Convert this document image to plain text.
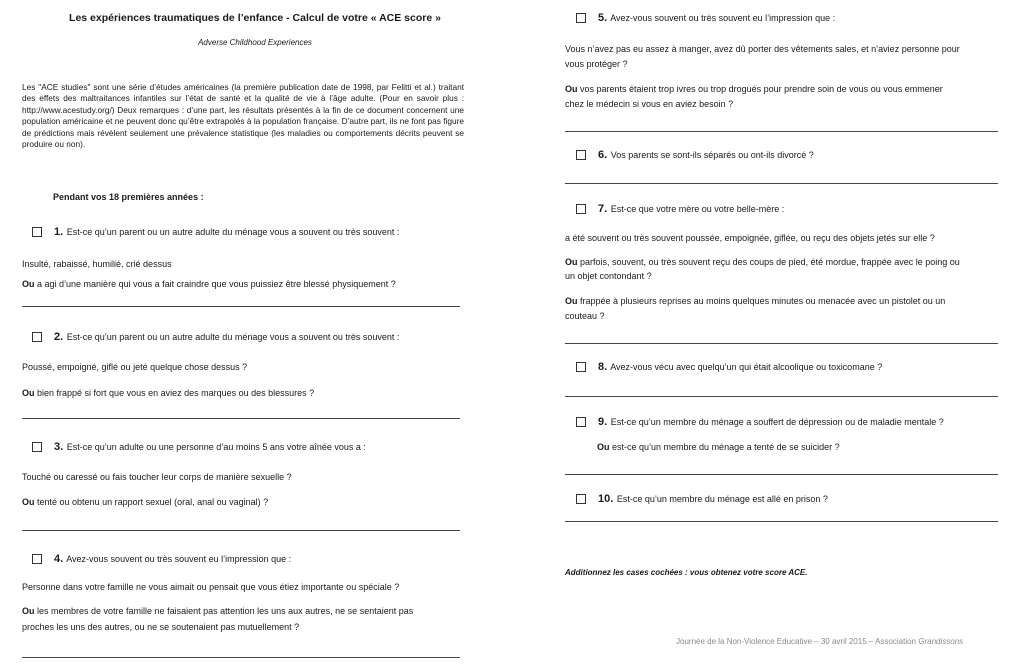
Les expériences traumatiques de l’enfance - Calcul de votre « ACE score »
Adverse Childhood Experiences
Les "ACE studies" sont une série d’études américaines (la première publication date de 1998, par Felitti et al.) traitant des effets des maltraitances infantiles sur l’état de santé et la qualité de vie à l’âge adulte. (Pour en savoir plus : http://www.acestudy.org/) Deux remarques : d’une part, les résultats présentés à la fin de ce document concernent une population américaine et ne peuvent donc qu’être extrapolés à la population française. D’autre part, ils ne font pas figure de prédictions mais révèlent seulement une prévalence statistique (les maladies ou comportements décrits peuvent se produire ou non).
Pendant vos 18 premières années :
1. Est-ce qu’un parent ou un autre adulte du ménage vous a souvent ou très souvent :
Insulté, rabaissé, humilié, crié dessus
Ou a agi d’une manière qui vous a fait craindre que vous puissiez être blessé physiquement ?
2. Est-ce qu’un parent ou un autre adulte du ménage vous a souvent ou très souvent :
Poussé, empoigné, giflé ou jeté quelque chose dessus ?
Ou bien frappé si fort que vous en aviez des marques ou des blessures ?
3. Est-ce qu’un adulte ou une personne d’au moins 5 ans votre aînée vous a :
Touché ou caressé ou fais toucher leur corps de manière sexuelle ?
Ou tenté ou obtenu un rapport sexuel (oral, anal ou vaginal) ?
4. Avez-vous souvent ou très souvent eu l’impression que :
Personne dans votre famille ne vous aimait ou pensait que vous étiez importante ou spéciale ?
Ou les membres de votre famille ne faisaient pas attention les uns aux autres, ne se sentaient pas
proches les uns des autres, ou ne se soutenaient pas mutuellement ?
5. Avez-vous souvent ou très souvent eu l’impression que :
Vous n’avez pas eu assez à manger, avez dû porter des vêtements sales, et n’aviez personne pour
vous protéger ?
Ou vos parents étaient trop ivres ou trop drogués pour prendre soin de vous ou vous emmener
chez le médecin si vous en aviez besoin ?
6. Vos parents se sont-ils séparés ou ont-ils divorcé ?
7. Est-ce que votre mère ou votre belle-mère :
a été souvent ou très souvent poussée, empoignée, giflée, ou reçu des objets jetés sur elle ?
Ou parfois, souvent, ou très souvent reçu des coups de pied, été mordue, frappée avec le poing ou
un objet contondant ?
Ou frappée à plusieurs reprises au moins quelques minutes ou menacée avec un pistolet ou un
couteau ?
8. Avez-vous vécu avec quelqu’un qui était alcoolique ou toxicomane ?
9. Est-ce qu’un membre du ménage a souffert de dépression ou de maladie mentale ?
Ou est-ce qu’un membre du ménage a tenté de se suicider ?
10. Est-ce qu’un membre du ménage est allé en prison ?
Additionnez les cases cochées : vous obtenez votre score ACE.
Journée de la Non-Violence Educative – 30 avril 2015 – Association Grandissons
